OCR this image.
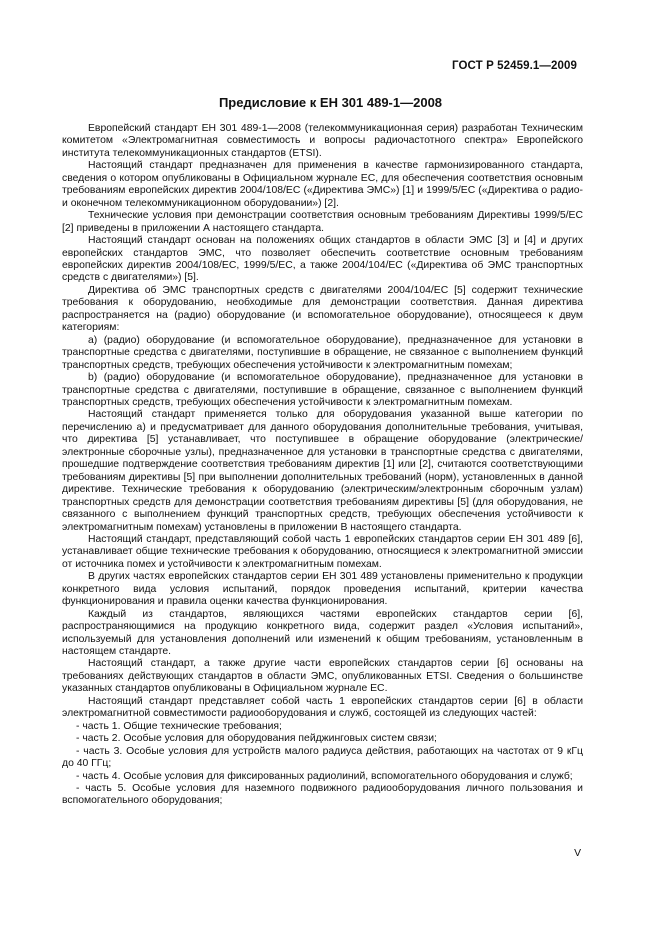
ГОСТ Р 52459.1—2009
Предисловие к ЕН 301 489-1—2008

Европейский стандарт ЕН 301 489-1—2008 (телекоммуникационная серия) разработан Техническим комитетом «Электромагнитная совместимость и вопросы радиочастотного спектра» Европейского института телекоммуникационных стандартов (ETSI).

Настоящий стандарт предназначен для применения в качестве гармонизированного стандарта, сведения о котором опубликованы в Официальном журнале ЕС, для обеспечения соответствия основным требованиям европейских директив 2004/108/ЕС («Директива ЭМС») [1] и 1999/5/ЕС («Директива о радио- и оконечном телекоммуникационном оборудовании») [2].

Технические условия при демонстрации соответствия основным требованиям Директивы 1999/5/ЕС [2] приведены в приложении А настоящего стандарта.

Настоящий стандарт основан на положениях общих стандартов в области ЭМС [3] и [4] и других европейских стандартов ЭМС, что позволяет обеспечить соответствие основным требованиям европейских директив 2004/108/ЕС, 1999/5/ЕС, а также 2004/104/ЕС («Директива об ЭМС транспортных средств с двигателями») [5].

Директива об ЭМС транспортных средств с двигателями 2004/104/ЕС [5] содержит технические требования к оборудованию, необходимые для демонстрации соответствия. Данная директива распространяется на (радио) оборудование (и вспомогательное оборудование), относящееся к двум категориям:

a) (радио) оборудование (и вспомогательное оборудование), предназначенное для установки в транспортные средства с двигателями, поступившие в обращение, не связанное с выполнением функций транспортных средств, требующих обеспечения устойчивости к электромагнитным помехам;

b) (радио) оборудование (и вспомогательное оборудование), предназначенное для установки в транспортные средства с двигателями, поступившие в обращение, связанное с выполнением функций транспортных средств, требующих обеспечения устойчивости к электромагнитным помехам.

Настоящий стандарт применяется только для оборудования указанной выше категории по перечислению а) и предусматривает для данного оборудования дополнительные требования, учитывая, что директива [5] устанавливает, что поступившее в обращение оборудование (электрические/электронные сборочные узлы), предназначенное для установки в транспортные средства с двигателями, прошедшие подтверждение соответствия требованиям директив [1] или [2], считаются соответствующими требованиям директивы [5] при выполнении дополнительных требований (норм), установленных в данной директиве. Технические требования к оборудованию (электрическим/электронным сборочным узлам) транспортных средств для демонстрации соответствия требованиям директивы [5] (для оборудования, не связанного с выполнением функций транспортных средств, требующих обеспечения устойчивости к электромагнитным помехам) установлены в приложении В настоящего стандарта.

Настоящий стандарт, представляющий собой часть 1 европейских стандартов серии ЕН 301 489 [6], устанавливает общие технические требования к оборудованию, относящиеся к электромагнитной эмиссии от источника помех и устойчивости к электромагнитным помехам.

В других частях европейских стандартов серии ЕН 301 489 установлены применительно к продукции конкретного вида условия испытаний, порядок проведения испытаний, критерии качества функционирования и правила оценки качества функционирования.

Каждый из стандартов, являющихся частями европейских стандартов серии [6], распространяющимися на продукцию конкретного вида, содержит раздел «Условия испытаний», используемый для установления дополнений или изменений к общим требованиям, установленным в настоящем стандарте.

Настоящий стандарт, а также другие части европейских стандартов серии [6] основаны на требованиях действующих стандартов в области ЭМС, опубликованных ETSI. Сведения о большинстве указанных стандартов опубликованы в Официальном журнале ЕС.

Настоящий стандарт представляет собой часть 1 европейских стандартов серии [6] в области электромагнитной совместимости радиооборудования и служб, состоящей из следующих частей:

- часть 1. Общие технические требования;

- часть 2. Особые условия для оборудования пейджинговых систем связи;

- часть 3. Особые условия для устройств малого радиуса действия, работающих на частотах от 9 кГц до 40 ГГц;

- часть 4. Особые условия для фиксированных радиолиний, вспомогательного оборудования и служб;

- часть 5. Особые условия для наземного подвижного радиооборудования личного пользования и вспомогательного оборудования;

V
